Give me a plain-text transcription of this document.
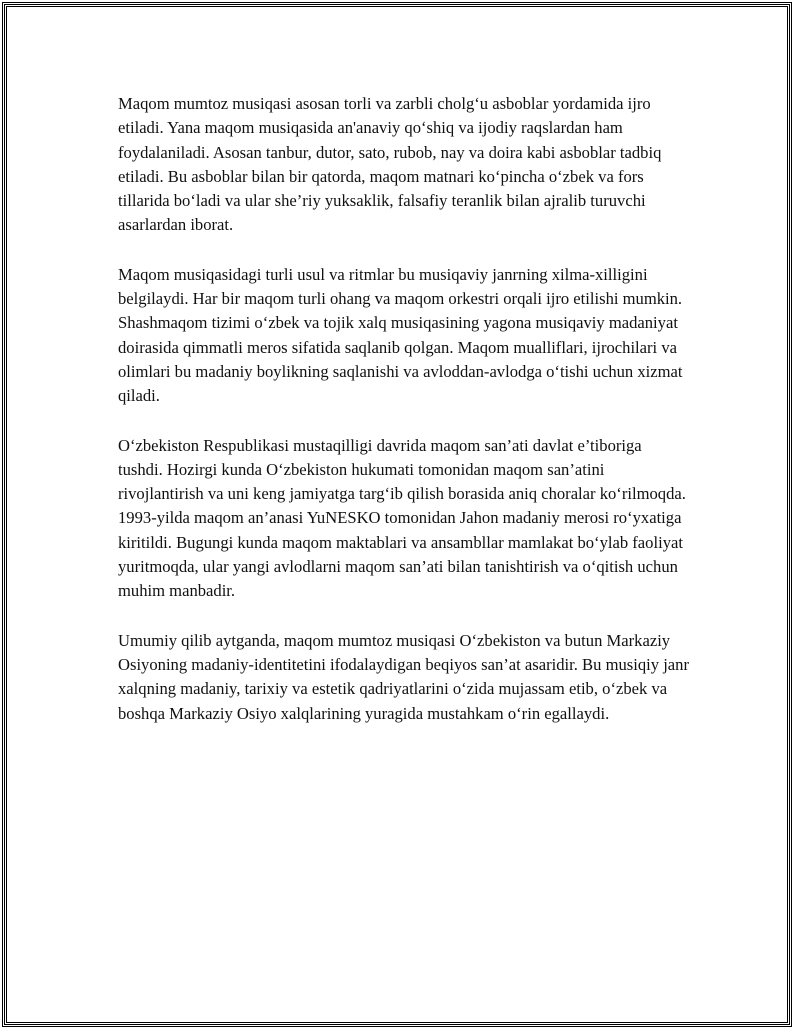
Maqom mumtoz musiqasi asosan torli va zarbli cholg‘u asboblar yordamida ijro etiladi. Yana maqom musiqasida an'anaviy qo‘shiq va ijodiy raqslardan ham foydalaniladi. Asosan tanbur, dutor, sato, rubob, nay va doira kabi asboblar tadbiq etiladi. Bu asboblar bilan bir qatorda, maqom matnari ko‘pincha o‘zbek va fors tillarida bo‘ladi va ular she’riy yuksaklik, falsafiy teranlik bilan ajralib turuvchi asarlardan iborat.

Maqom musiqasidagi turli usul va ritmlar bu musiqaviy janrning xilma-xilligini belgilaydi. Har bir maqom turli ohang va maqom orkestri orqali ijro etilishi mumkin. Shashmaqom tizimi o‘zbek va tojik xalq musiqasining yagona musiqaviy madaniyat doirasida qimmatli meros sifatida saqlanib qolgan. Maqom mualliflari, ijrochilari va olimlari bu madaniy boylikning saqlanishi va avloddan-avlodga o‘tishi uchun xizmat qiladi.

O‘zbekiston Respublikasi mustaqilligi davrida maqom san’ati davlat e’tiboriga tushdi. Hozirgi kunda O‘zbekiston hukumati tomonidan maqom san’atini rivojlantirish va uni keng jamiyatga targ‘ib qilish borasida aniq choralar ko‘rilmoqda. 1993-yilda maqom an’anasi YuNESKO tomonidan Jahon madaniy merosi ro‘yxatiga kiritildi. Bugungi kunda maqom maktablari va ansambllar mamlakat bo‘ylab faoliyat yuritmoqda, ular yangi avlodlarni maqom san’ati bilan tanishtirish va o‘qitish uchun muhim manbadir.

Umumiy qilib aytganda, maqom mumtoz musiqasi O‘zbekiston va butun Markaziy Osiyoning madaniy-identitetini ifodalaydigan beqiyos san’at asaridir. Bu musiqiy janr xalqning madaniy, tarixiy va estetik qadriyatlarini o‘zida mujassam etib, o‘zbek va boshqa Markaziy Osiyo xalqlarining yuragida mustahkam o‘rin egallaydi.
